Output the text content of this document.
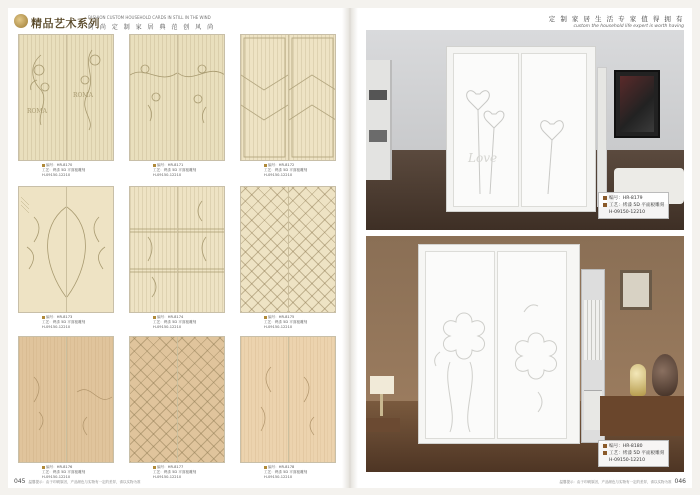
精品艺术系列
FASHION CUSTOM HOUSEHOLD CARDS IN STILL IN THE WIND
时 尚 定 制 家 居 典 范 创 风 尚
ROMA
ROMA
编号：HR-8170
工艺：烤漆 5D 平面板雕刻
H-09150-12210
编号：HR-8171
工艺：烤漆 5D 平面板雕刻
H-09150-12210
编号：HR-8172
工艺：烤漆 5D 平面板雕刻
H-09150-12210
编号：HR-8173
工艺：烤漆 5D 平面板雕刻
H-09150-12210
编号：HR-8174
工艺：烤漆 5D 平面板雕刻
H-09150-12210
编号：HR-8175
工艺：烤漆 5D 平面板雕刻
H-09150-12210
编号：HR-8176
工艺：烤漆 5D 平面板雕刻
H-09150-12210
编号：HR-8177
工艺：烤漆 5D 平面板雕刻
H-09150-12210
编号：HR-8178
工艺：烤漆 5D 平面板雕刻
H-09150-12210
045 温馨提示：由于印刷原因，产品颜色与实物有一定的差异，请以实物为准
定 制 家 居 生 活 专 家 值 得 拥 有
custom the household life expert is worth having
Love
编号：HR-8179
工艺：烤漆 5D 平面板雕刻
H-09150-12210
编号：HR-8180
工艺：烤漆 5D 平面板雕刻
H-09150-12210
温馨提示：由于印刷原因，产品颜色与实物有一定的差异，请以实物为准 046
